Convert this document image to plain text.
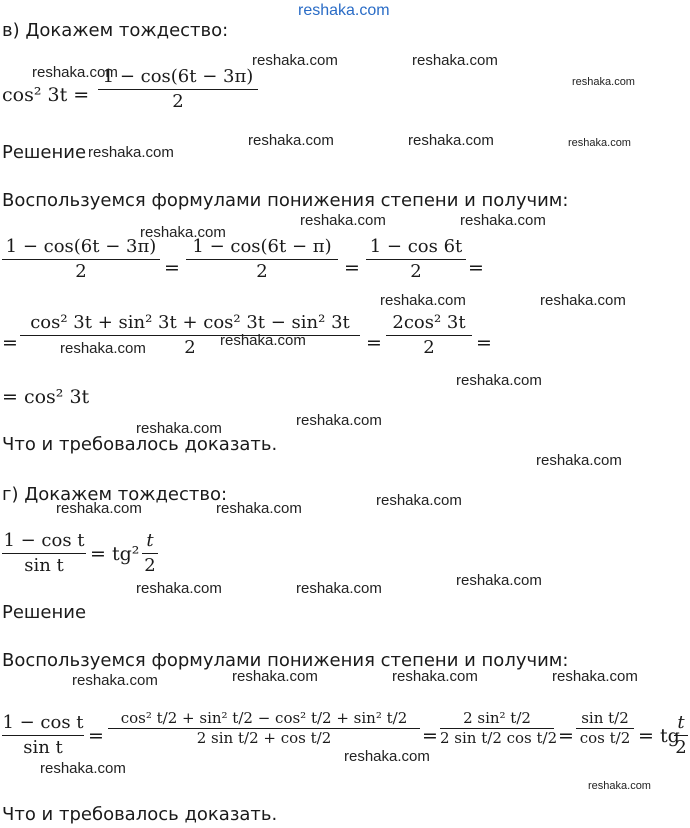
reshaka.com
в) Докажем тождество:
cos² 3t =
1 − cos(6t − 3π)
2
Решение
Воспользуемся формулами понижения степени и получим:
1 − cos(6t − 3π)
2	=
1 − cos(6t − π)
2	=
1 − cos 6t
2	=
=
cos² 3t + sin² 3t + cos² 3t − sin² 3t
2	=
2cos² 3t
2	=
= cos² 3t
Что и требовалось доказать.
г) Докажем тождество:
1 − cos t
sin t
= tg²
t
2
Решение
Воспользуемся формулами понижения степени и получим:
1 − cos t
sin t
=
cos² t/2 + sin² t/2 − cos² t/2 + sin² t/2
2 sin t/2 + cos t/2	=
2 sin² t/2
2 sin t/2 cos t/2 =
sin t/2
cos t/2 = tg
t
2
Что и требовалось доказать.
reshaka.com	reshaka.com
reshaka.com
reshaka.com
reshaka.com	reshaka.com	reshaka.com
reshaka.com
reshaka.com	reshaka.com
reshaka.com
reshaka.com	reshaka.com
reshaka.com
reshaka.com
reshaka.com
reshaka.com
reshaka.com
reshaka.com
reshaka.com
reshaka.com	reshaka.com
reshaka.com
reshaka.com	reshaka.com
reshaka.com	reshaka.com	reshaka.com
reshaka.com
reshaka.com
reshaka.com
reshaka.com
